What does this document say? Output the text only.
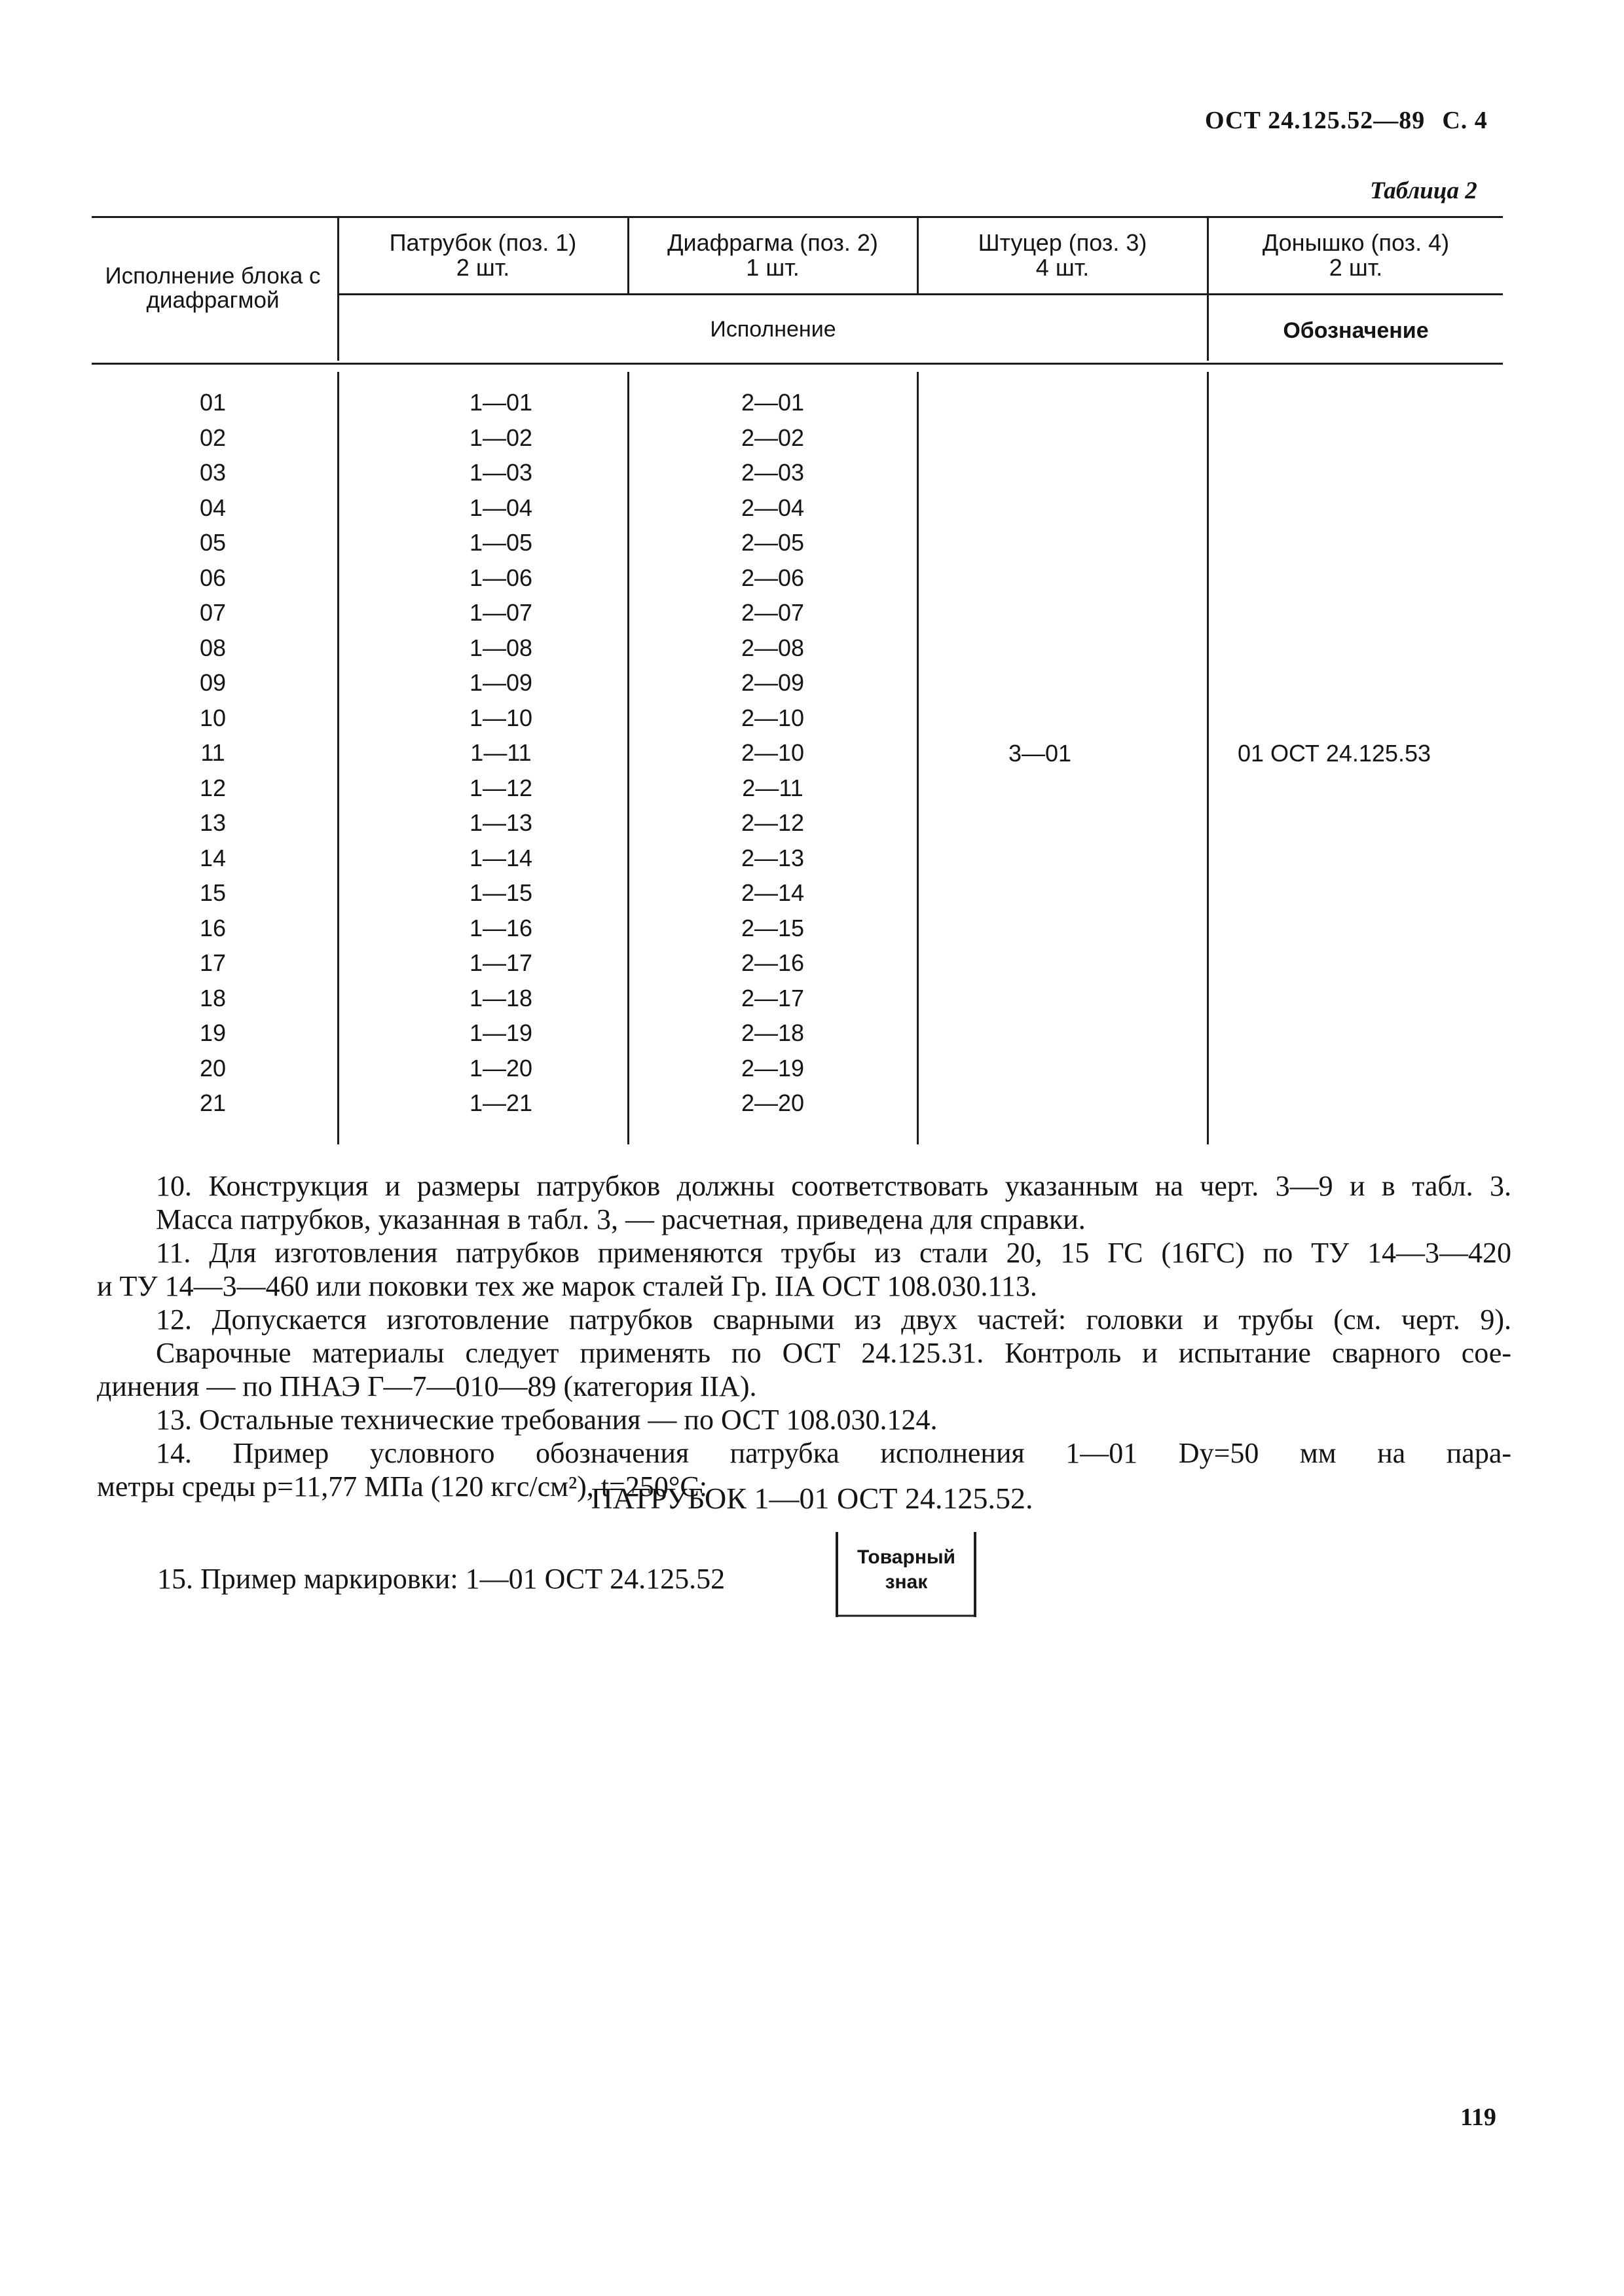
ОСТ 24.125.52—89 С. 4
Таблица 2
Исполнение блока с диафрагмой
Патрубок (поз. 1)
2 шт.
Диафрагма (поз. 2)
1 шт.
Штуцер (поз. 3)
4 шт.
Донышко (поз. 4)
2 шт.
Исполнение	Обозначение
01
02
03
04
05
06
07
08
09
10
11
12
13
14
15
16
17
18
19
20
21
1—01
1—02
1—03
1—04
1—05
1—06
1—07
1—08
1—09
1—10
1—11
1—12
1—13
1—14
1—15
1—16
1—17
1—18
1—19
1—20
1—21
2—01
2—02
2—03
2—04
2—05
2—06
2—07
2—08
2—09
2—10
2—10
2—11
2—12
2—13
2—14
2—15
2—16
2—17
2—18
2—19
2—20
3—01	01 ОСТ 24.125.53

10. Конструкция и размеры патрубков должны соответствовать указанным на черт. 3—9 и в табл. 3.

Масса патрубков, указанная в табл. 3, — расчетная, приведена для справки.

11. Для изготовления патрубков применяются трубы из стали 20, 15 ГС (16ГС) по ТУ 14—3—420

и ТУ 14—3—460 или поковки тех же марок сталей Гр. IIА ОСТ 108.030.113.

12. Допускается изготовление патрубков сварными из двух частей: головки и трубы (см. черт. 9).

Сварочные материалы следует применять по ОСТ 24.125.31. Контроль и испытание сварного сое-

динения — по ПНАЭ Г—7—010—89 (категория IIА).

13. Остальные технические требования — по ОСТ 108.030.124.

14. Пример условного обозначения патрубка исполнения 1—01 Dу=50 мм на пара-

метры среды p=11,77 МПа (120 кгс/см²), t=250°С:

ПАТРУБОК 1—01 ОСТ 24.125.52.
15. Пример маркировки: 1—01 ОСТ 24.125.52
Товарный
знак
119
